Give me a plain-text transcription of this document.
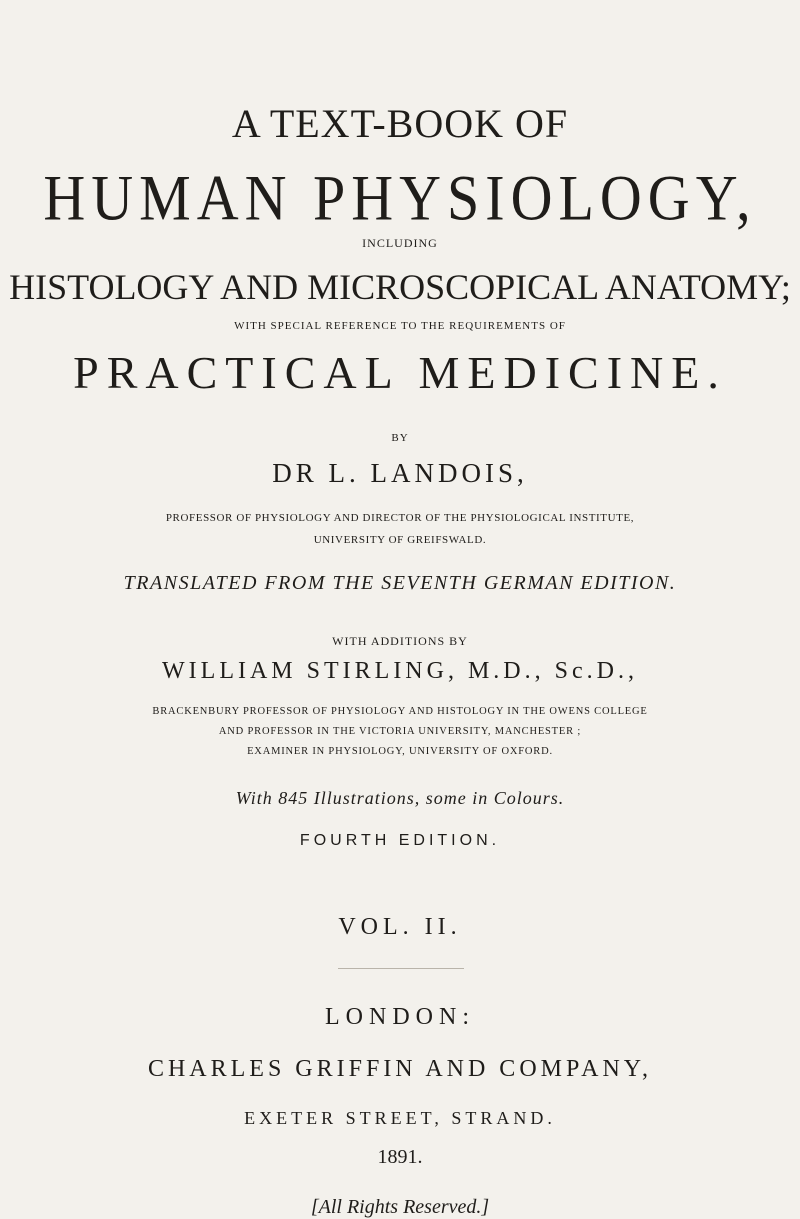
A TEXT-BOOK OF
HUMAN PHYSIOLOGY,
INCLUDING
HISTOLOGY AND MICROSCOPICAL ANATOMY;
WITH SPECIAL REFERENCE TO THE REQUIREMENTS OF
PRACTICAL MEDICINE.
BY
DR L. LANDOIS,
PROFESSOR OF PHYSIOLOGY AND DIRECTOR OF THE PHYSIOLOGICAL INSTITUTE,
UNIVERSITY OF GREIFSWALD.
TRANSLATED FROM THE SEVENTH GERMAN EDITION.
WITH ADDITIONS BY
WILLIAM STIRLING, M.D., Sc.D.,
BRACKENBURY PROFESSOR OF PHYSIOLOGY AND HISTOLOGY IN THE OWENS COLLEGE
AND PROFESSOR IN THE VICTORIA UNIVERSITY, MANCHESTER ;
EXAMINER IN PHYSIOLOGY, UNIVERSITY OF OXFORD.
With 845 Illustrations, some in Colours.
FOURTH EDITION.
VOL. II.
LONDON:
CHARLES GRIFFIN AND COMPANY,
EXETER STREET, STRAND.
1891.
[All Rights Reserved.]
